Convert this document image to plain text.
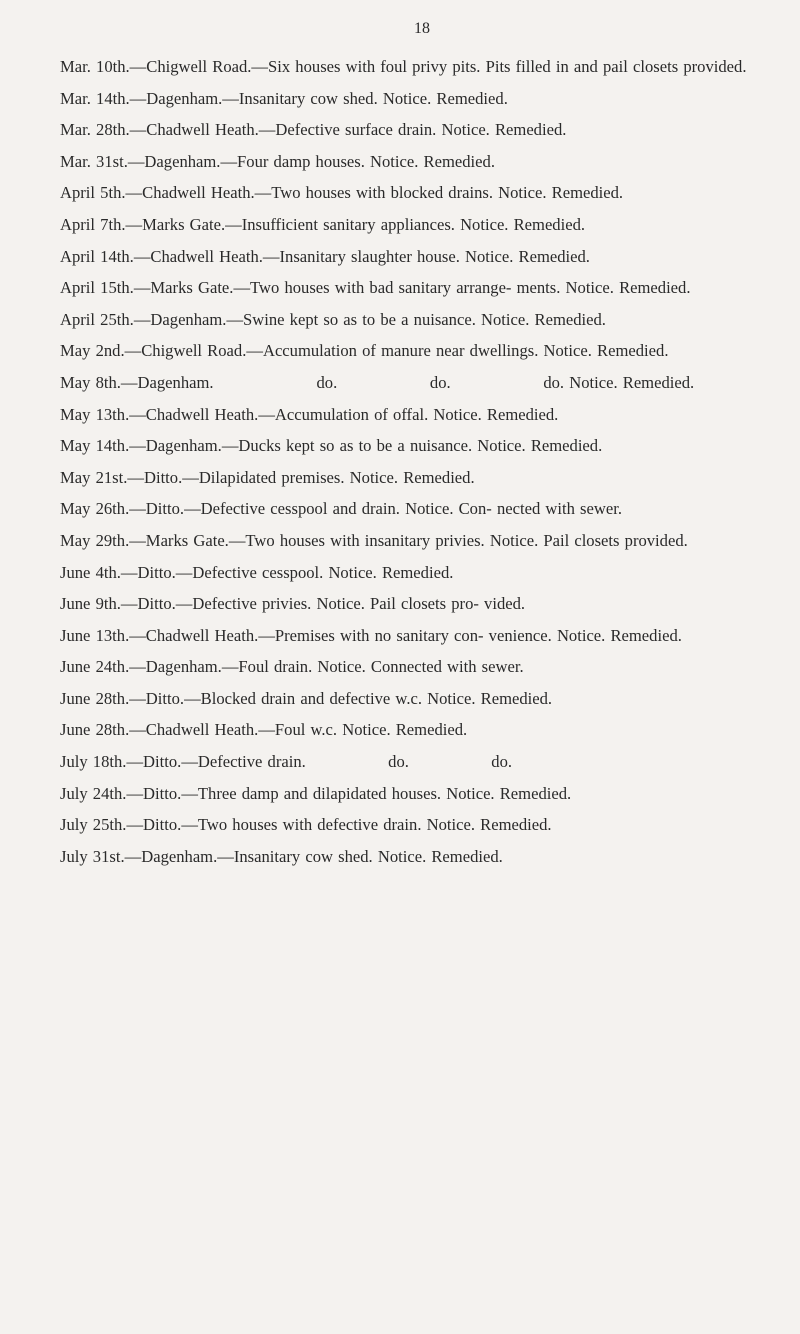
18

Mar. 10th.—Chigwell Road.—Six houses with foul privy pits. Pits filled in and pail closets provided.

Mar. 14th.—Dagenham.—Insanitary cow shed. Notice. Remedied.

Mar. 28th.—Chadwell Heath.—Defective surface drain. Notice. Remedied.

Mar. 31st.—Dagenham.—Four damp houses. Notice. Remedied.

April 5th.—Chadwell Heath.—Two houses with blocked drains. Notice. Remedied.

April 7th.—Marks Gate.—Insufficient sanitary appliances. Notice. Remedied.

April 14th.—Chadwell Heath.—Insanitary slaughter house. Notice. Remedied.

April 15th.—Marks Gate.—Two houses with bad sanitary arrange- ments. Notice. Remedied.

April 25th.—Dagenham.—Swine kept so as to be a nuisance. Notice. Remedied.

May 2nd.—Chigwell Road.—Accumulation of manure near dwellings. Notice. Remedied.

May 8th.—Dagenham.                    do.                  do.                  do. Notice. Remedied.

May 13th.—Chadwell Heath.—Accumulation of offal. Notice. Remedied.

May 14th.—Dagenham.—Ducks kept so as to be a nuisance. Notice. Remedied.

May 21st.—Ditto.—Dilapidated premises. Notice. Remedied.

May 26th.—Ditto.—Defective cesspool and drain. Notice. Con- nected with sewer.

May 29th.—Marks Gate.—Two houses with insanitary privies. Notice. Pail closets provided.

June 4th.—Ditto.—Defective cesspool. Notice. Remedied.

June 9th.—Ditto.—Defective privies. Notice. Pail closets pro- vided.

June 13th.—Chadwell Heath.—Premises with no sanitary con- venience. Notice. Remedied.

June 24th.—Dagenham.—Foul drain. Notice. Connected with sewer.

June 28th.—Ditto.—Blocked drain and defective w.c. Notice. Remedied.

June 28th.—Chadwell Heath.—Foul w.c. Notice. Remedied.

July 18th.—Ditto.—Defective drain.                do.                do.

July 24th.—Ditto.—Three damp and dilapidated houses. Notice. Remedied.

July 25th.—Ditto.—Two houses with defective drain. Notice. Remedied.

July 31st.—Dagenham.—Insanitary cow shed. Notice. Remedied.
